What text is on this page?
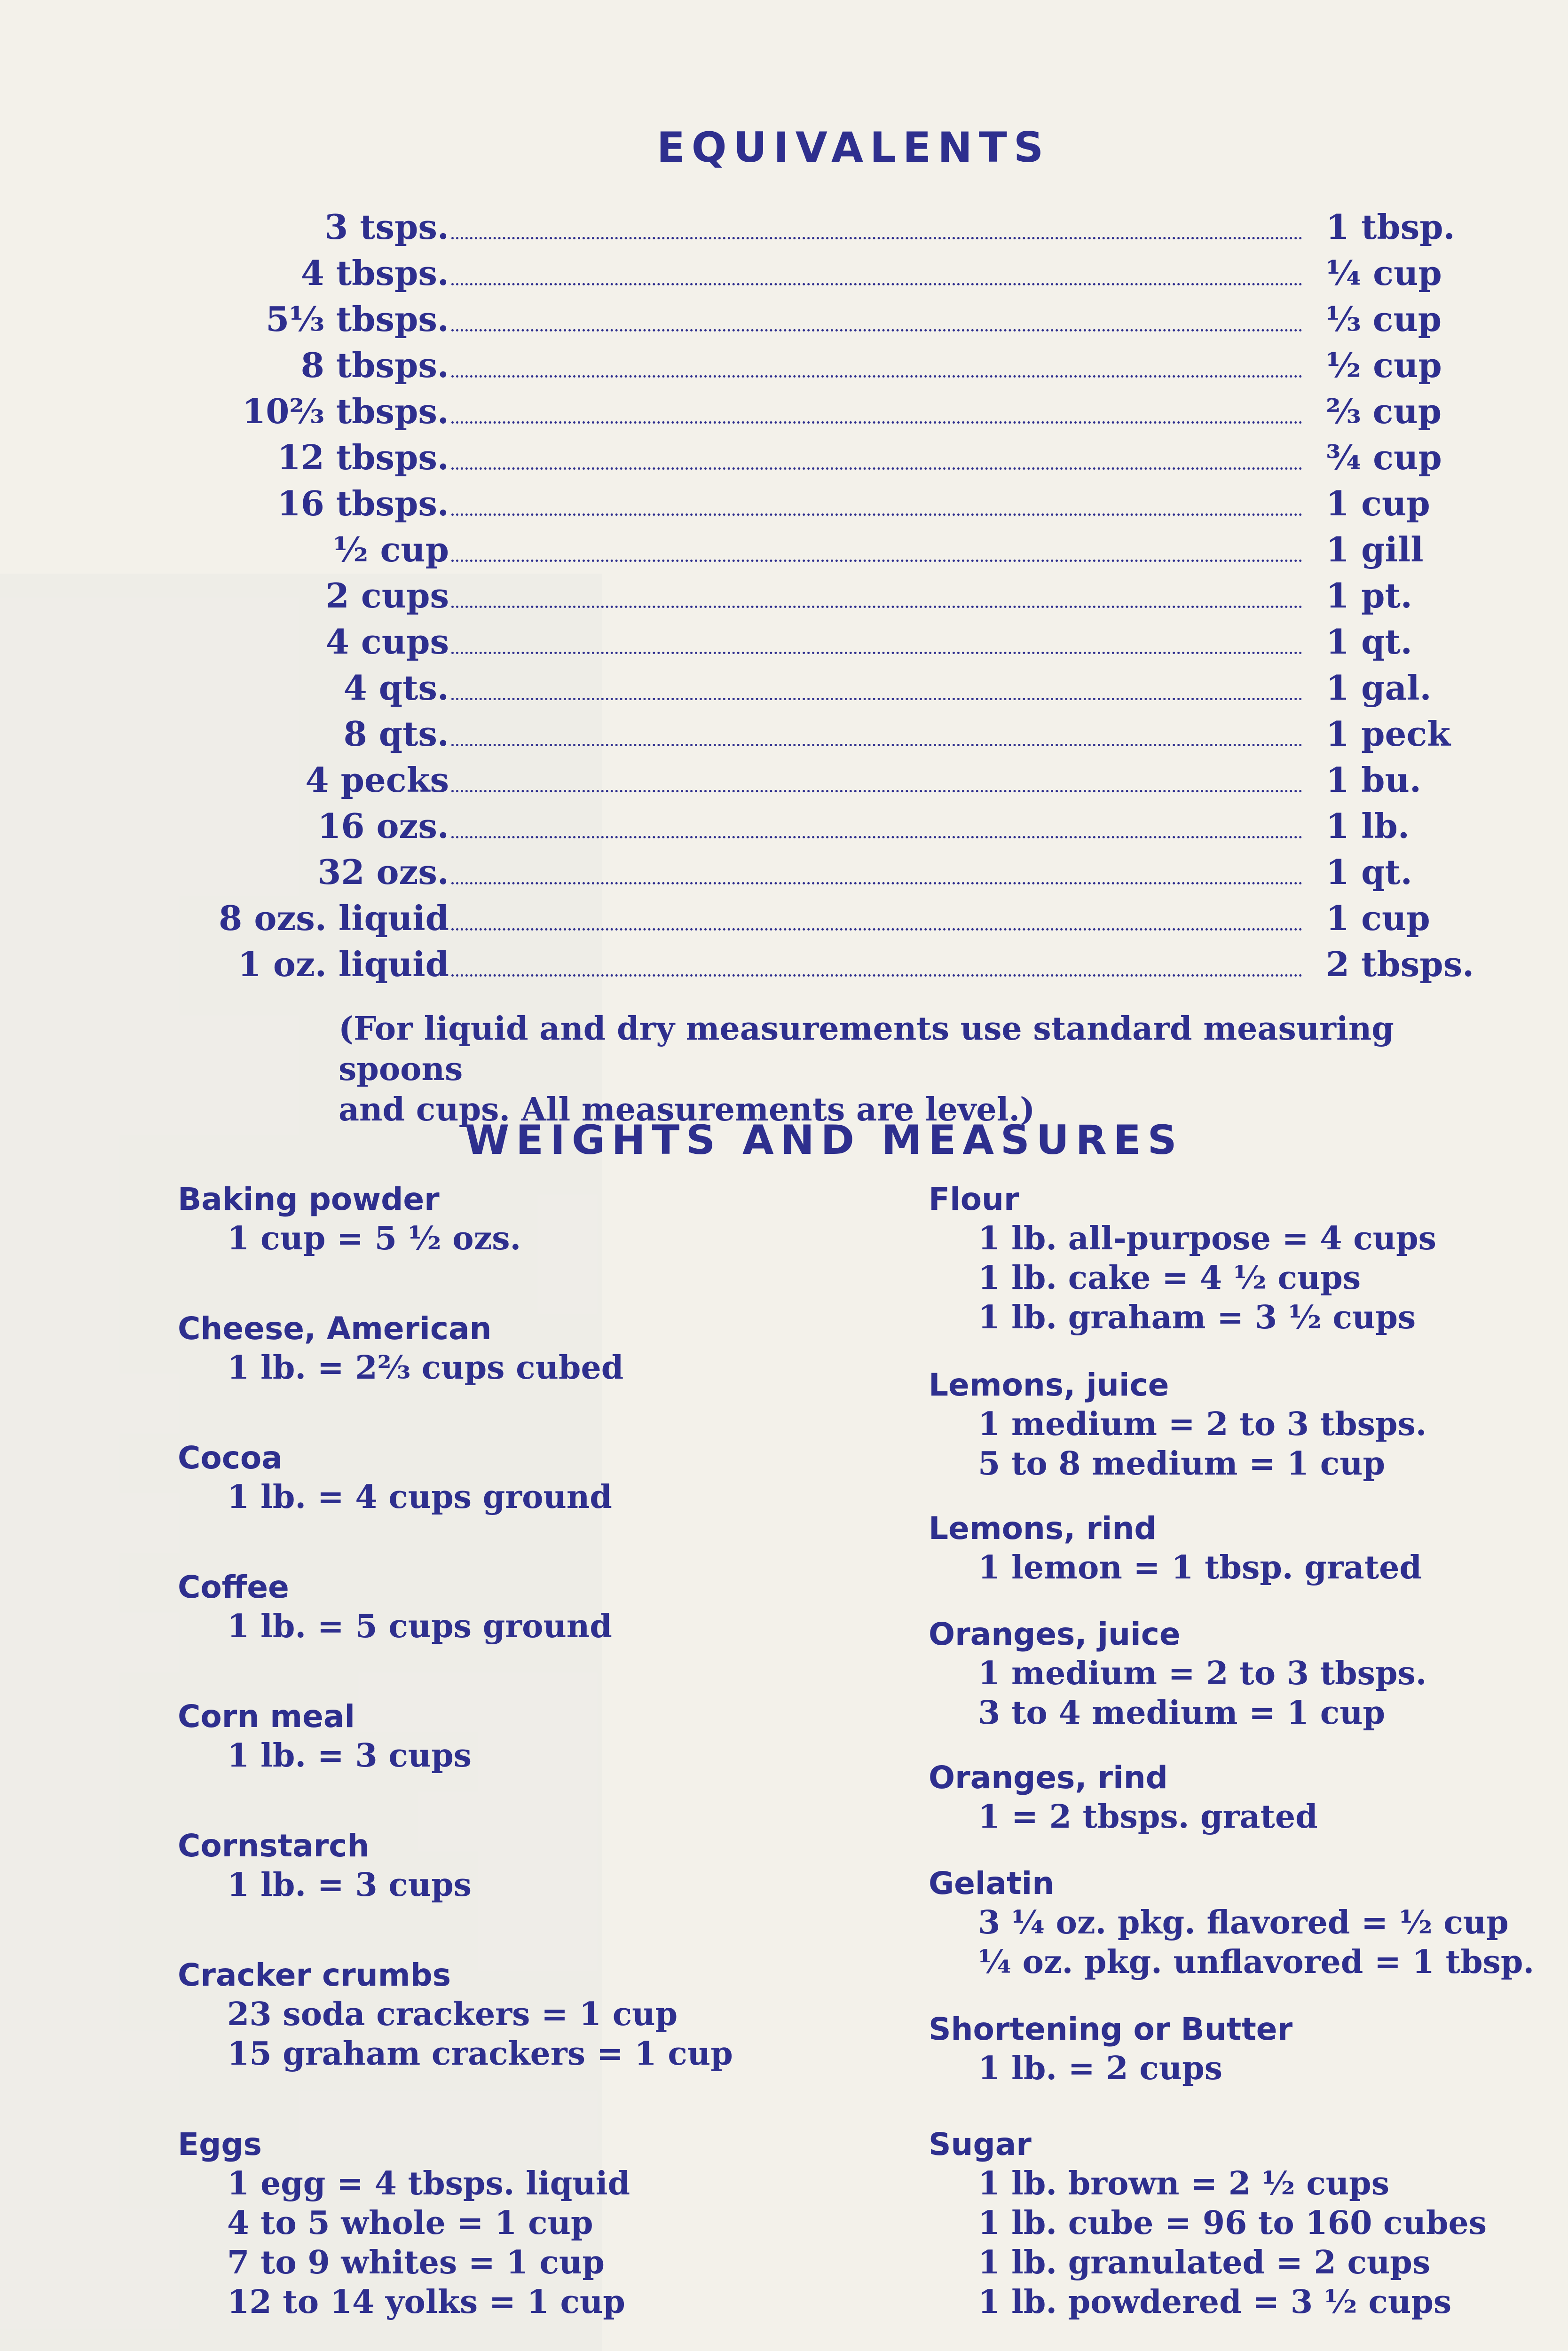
EQUIVALENTS
3 tsps.	1 tbsp.
4 tbsps.	¼ cup
5⅓ tbsps.	⅓ cup
8 tbsps.	½ cup
10⅔ tbsps.	⅔ cup
12 tbsps.	¾ cup
16 tbsps.	1 cup
½ cup	1 gill
2 cups	1 pt.
4 cups	1 qt.
4 qts.	1 gal.
8 qts.	1 peck
4 pecks	1 bu.
16 ozs.	1 lb.
32 ozs.	1 qt.
8 ozs. liquid	1 cup
1 oz. liquid	2 tbsps.
(For liquid and dry measurements use standard measuring spoons
and cups. All measurements are level.)
WEIGHTS AND MEASURES
Baking powder
1 cup = 5 ½ ozs.
Cheese, American
1 lb. = 2⅔ cups cubed
Cocoa
1 lb. = 4 cups ground
Coffee
1 lb. = 5 cups ground
Corn meal
1 lb. = 3 cups
Cornstarch
1 lb. = 3 cups
Cracker crumbs
23 soda crackers = 1 cup
15 graham crackers = 1 cup
Eggs
1 egg = 4 tbsps. liquid
4 to 5 whole = 1 cup
7 to 9 whites = 1 cup
12 to 14 yolks = 1 cup
Flour
1 lb. all-purpose = 4 cups
1 lb. cake = 4 ½ cups
1 lb. graham = 3 ½ cups
Lemons, juice
1 medium = 2 to 3 tbsps.
5 to 8 medium = 1 cup
Lemons, rind
1 lemon = 1 tbsp. grated
Oranges, juice
1 medium = 2 to 3 tbsps.
3 to 4 medium = 1 cup
Oranges, rind
1 = 2 tbsps. grated
Gelatin
3 ¼ oz. pkg. flavored = ½ cup
¼ oz. pkg. unflavored = 1 tbsp.
Shortening or Butter
1 lb. = 2 cups
Sugar
1 lb. brown = 2 ½ cups
1 lb. cube = 96 to 160 cubes
1 lb. granulated = 2 cups
1 lb. powdered = 3 ½ cups
